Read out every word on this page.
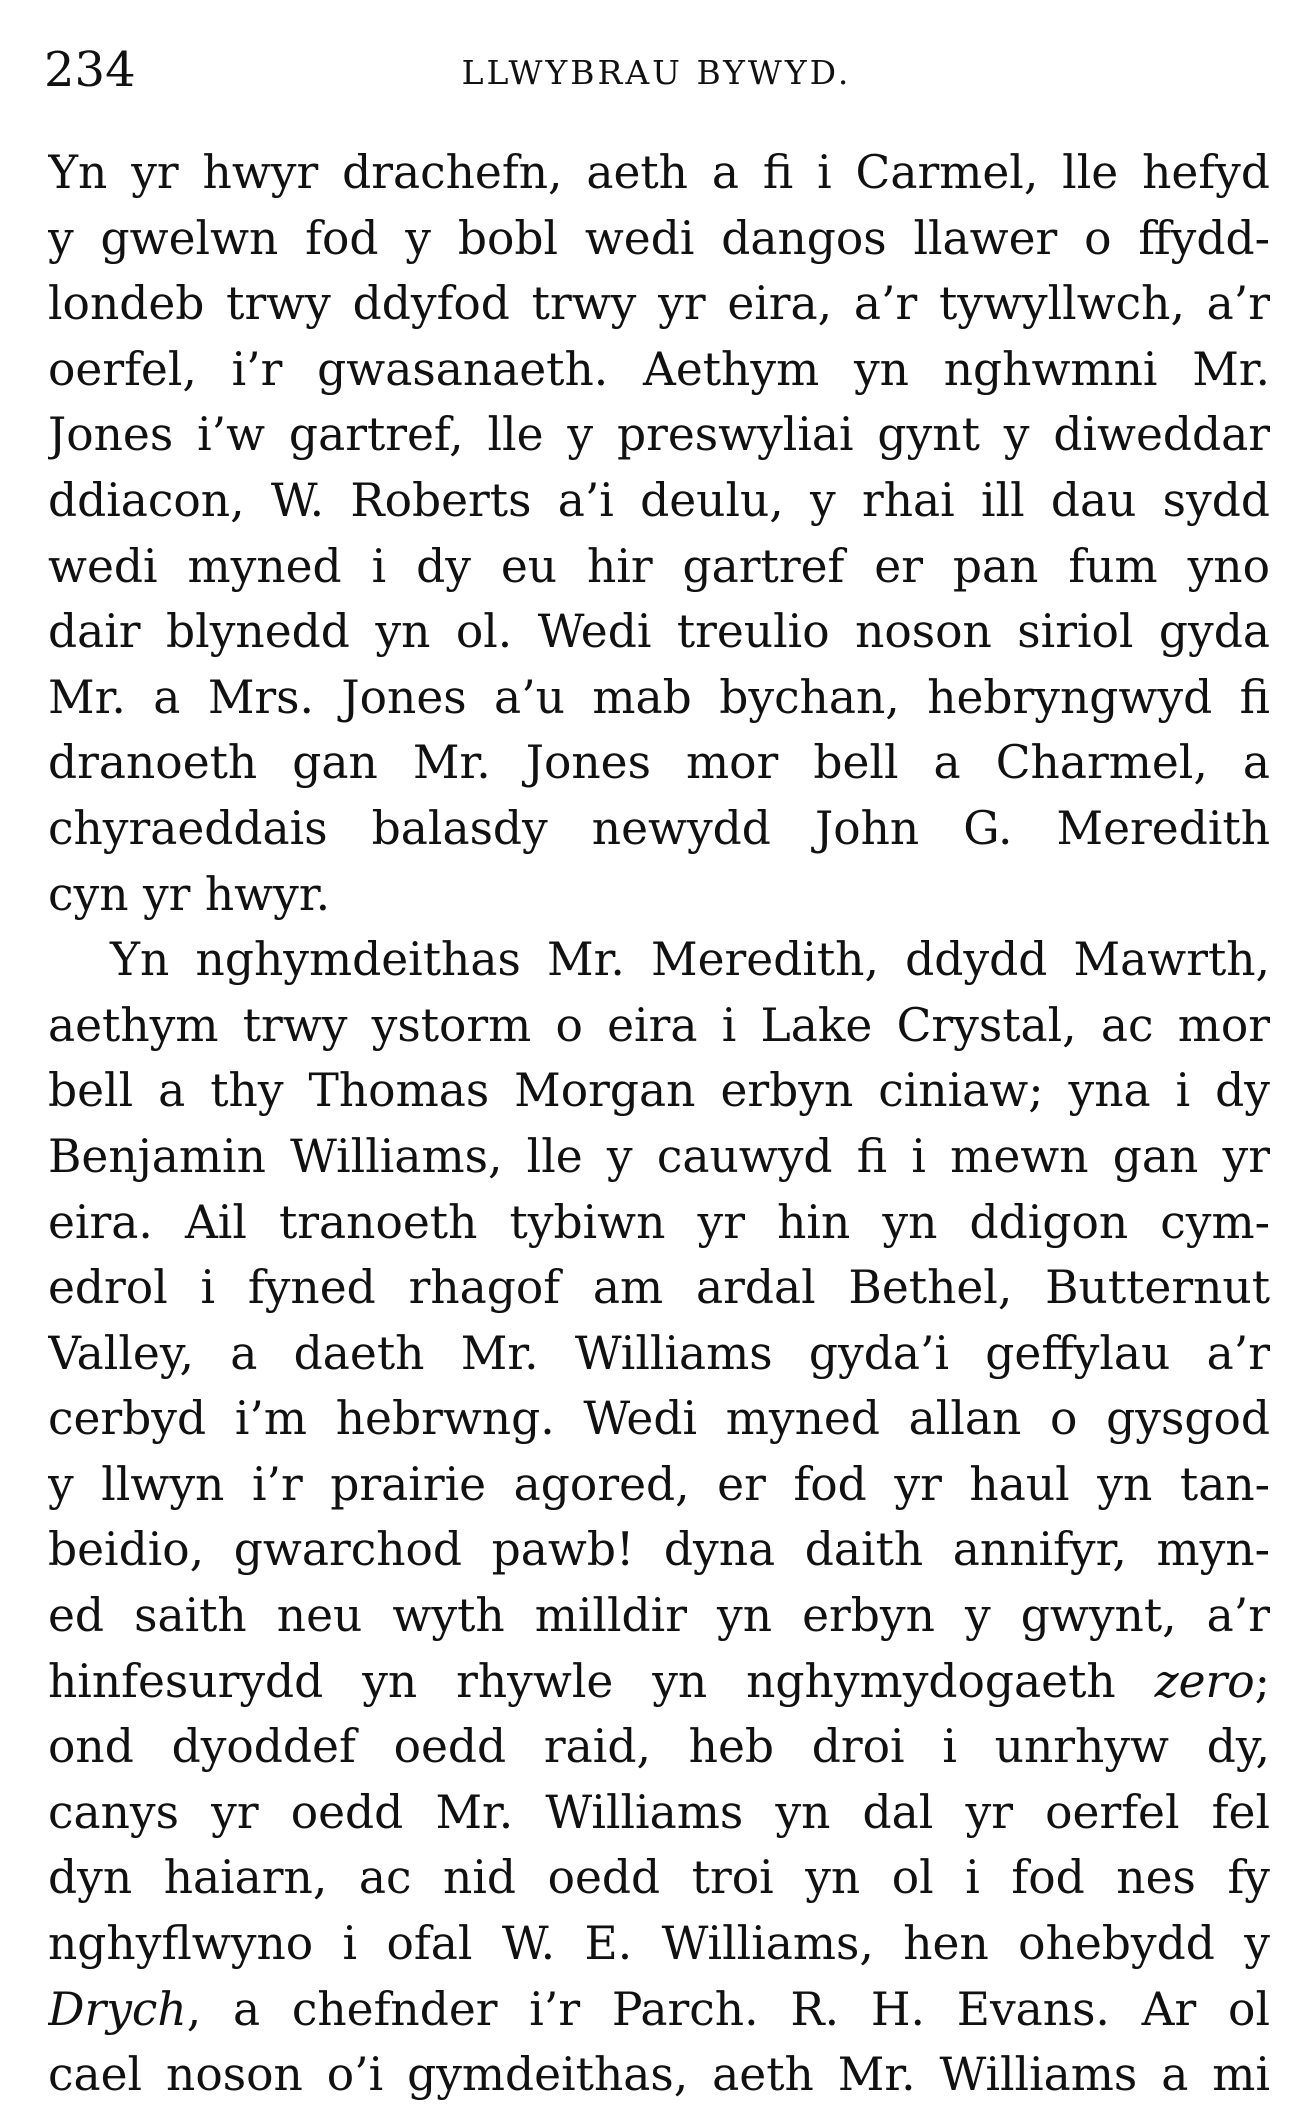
234	LLWYBRAU BYWYD.
Yn yr hwyr drachefn, aeth a fi i Carmel, lle hefyd
y gwelwn fod y bobl wedi dangos llawer o ffydd-
londeb trwy ddyfod trwy yr eira, a’r tywyllwch, a’r
oerfel, i’r gwasanaeth. Aethym yn nghwmni Mr.
Jones i’w gartref, lle y preswyliai gynt y diweddar
ddiacon, W. Roberts a’i deulu, y rhai ill dau sydd
wedi myned i dy eu hir gartref er pan fum yno
dair blynedd yn ol. Wedi treulio noson siriol gyda
Mr. a Mrs. Jones a’u mab bychan, hebryngwyd fi
dranoeth gan Mr. Jones mor bell a Charmel, a
chyraeddais balasdy newydd John G. Meredith
cyn yr hwyr.
Yn nghymdeithas Mr. Meredith, ddydd Mawrth,
aethym trwy ystorm o eira i Lake Crystal, ac mor
bell a thy Thomas Morgan erbyn ciniaw; yna i dy
Benjamin Williams, lle y cauwyd fi i mewn gan yr
eira. Ail tranoeth tybiwn yr hin yn ddigon cym-
edrol i fyned rhagof am ardal Bethel, Butternut
Valley, a daeth Mr. Williams gyda’i geffylau a’r
cerbyd i’m hebrwng. Wedi myned allan o gysgod
y llwyn i’r prairie agored, er fod yr haul yn tan-
beidio, gwarchod pawb! dyna daith annifyr, myn-
ed saith neu wyth milldir yn erbyn y gwynt, a’r
hinfesurydd yn rhywle yn nghymydogaeth zero;
ond dyoddef oedd raid, heb droi i unrhyw dy,
canys yr oedd Mr. Williams yn dal yr oerfel fel
dyn haiarn, ac nid oedd troi yn ol i fod nes fy
nghyflwyno i ofal W. E. Williams, hen ohebydd y
Drych, a chefnder i’r Parch. R. H. Evans. Ar ol
cael noson o’i gymdeithas, aeth Mr. Williams a mi
